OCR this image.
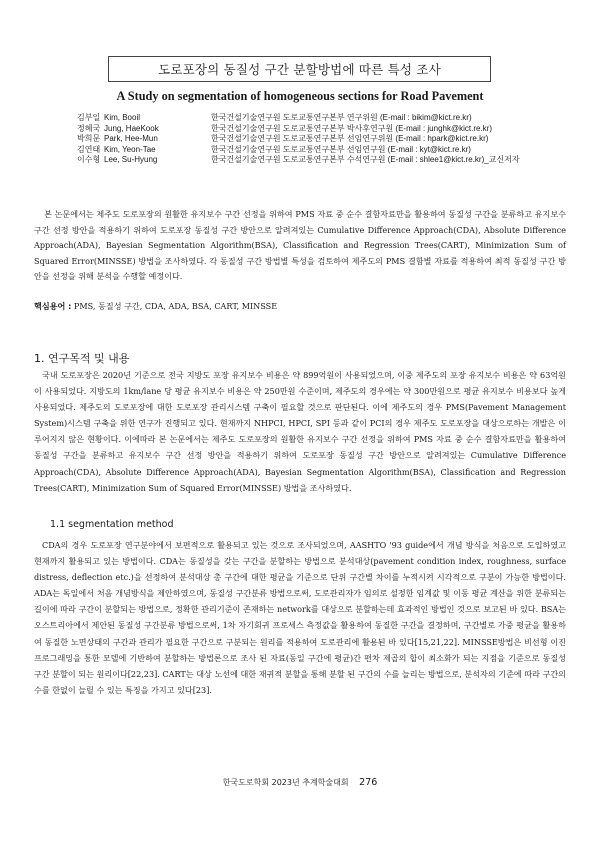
도로포장의 동질성 구간 분할방법에 따른 특성 조사
A Study on segmentation of homogeneous sections for Road Pavement
김부일 Kim, Booil	한국건설기술연구원 도로교통연구본부 연구위원 (E-mail : bikim@kict.re.kr)
정혜국 Jung, HaeKook	한국건설기술연구원 도로교통연구본부 박사후연구원 (E-mail : junghk@kict.re.kr)
박희문 Park, Hee-Mun	한국건설기술연구원 도로교통연구본부 선임연구위원 (E-mail : hpark@kict.re.kr)
김연태 Kim, Yeon-Tae	한국건설기술연구원 도로교통연구본부 선임연구원 (E-mail : kyt@kict.re.kr)
이수형 Lee, Su-Hyung	한국건설기술연구원 도로교통연구본부 수석연구원 (E-mail : shlee1@kict.re.kr)_교신저자

본 논문에서는 제주도 도로포장의 원활한 유지보수 구간 선정을 위하여 PMS 자료 중 순수 결함자료만을 활용하여 동질성 구간을 분류하고 유지보수 구간 선정 방안을 적용하기 위하여 도로포장 동질성 구간 방안으로 알려져있는 Cumulative Difference Approach(CDA), Absolute Difference Approach(ADA), Bayesian Segmentation Algorithm(BSA), Classification and Regression Trees(CART), Minimization Sum of Squared Error(MINSSE) 방법을 조사하였다. 각 동질성 구간 방법별 특성을 검토하여 제주도의 PMS 결함별 자료를 적용하여 최적 동질성 구간 방안을 선정을 위해 분석을 수행할 예정이다.

핵심용어 : PMS, 동질성 구간, CDA, ADA, BSA, CART, MINSSE
1. 연구목적 및 내용

국내 도로포장은 2020년 기준으로 전국 지방도 포장 유지보수 비용은 약 899억원이 사용되었으며, 이중 제주도의 포장 유지보수 비용은 약 63억원이 사용되었다. 지방도의 1km/lane 당 평균 유지보수 비용은 약 250만원 수준이며, 제주도의 경우에는 약 300만원으로 평균 유지보수 비용보다 높게 사용되었다. 제주도의 도로포장에 대한 도로포장 관리시스템 구축이 필요할 것으로 판단된다. 이에 제주도의 경우 PMS(Pavement Management System)시스템 구축을 위한 연구가 진행되고 있다. 현재까지 NHPCI, HPCI, SPI 등과 같이 PCI의 경우 제주도 도로포장을 대상으로하는 개발은 이루어지지 않은 현황이다. 이에따라 본 논문에서는 제주도 도로포장의 원활한 유지보수 구간 선정을 위하여 PMS 자료 중 순수 결함자료만을 활용하여 동질성 구간을 분류하고 유지보수 구간 선정 방안을 적용하기 위하여 도로포장 동질성 구간 방안으로 알려져있는 Cumulative Difference Approach(CDA), Absolute Difference Approach(ADA), Bayesian Segmentation Algorithm(BSA), Classification and Regression Trees(CART), Minimization Sum of Squared Error(MINSSE) 방법을 조사하였다.

1.1 segmentation method

CDA의 경우 도로포장 연구분야에서 보편적으로 활용되고 있는 것으로 조사되었으며, AASHTO '93 guide에서 개념 방식을 처음으로 도입하였고 현재까지 활용되고 있는 방법이다. CDA는 동질성을 갖는 구간을 분할하는 방법으로 분석대상(pavement condition index, roughness, surface distress, deflection etc.)을 선정하여 분석대상 총 구간에 대한 평균을 기준으로 단위 구간별 차이를 누적시켜 시각적으로 구분이 가능한 방법이다. ADA는 독일에서 처음 개념방식을 제안하였으며, 동질성 구간분류 방법으로써, 도로관리자가 임의로 설정한 임계값 및 이동 평균 계산을 위한 분류되는 길이에 따라 구간이 분할되는 방법으로, 정확한 관리기준이 존재하는 network를 대상으로 분할하는데 효과적인 방법인 것으로 보고된 바 있다. BSA는 오스트리아에서 제안된 동질성 구간분류 방법으로써, 1차 자기회귀 프로세스 측정값을 활용하여 동질한 구간을 결정하며, 구간별로 가중 평균을 활용하여 동질한 노면상태의 구간과 관리가 필요한 구간으로 구분되는 원리를 적용하여 도로관리에 활용된 바 있다[15,21,22]. MINSSE방법은 비선형 이진 프로그래밍을 통한 모델에 기반하여 분할하는 방법론으로 조사 된 자료(동일 구간에 평균)간 편차 제곱의 합이 최소화가 되는 지점을 기준으로 동질성 구간 분할이 되는 원리이다[22,23]. CART는 대상 노선에 대한 재귀적 분할을 통해 분할 된 구간의 수를 늘리는 방법으로, 분석자의 기준에 따라 구간의 수를 한없이 늘릴 수 있는 특징을 가지고 있다[23].

한국도로학회 2023년 추계학술대회 276
